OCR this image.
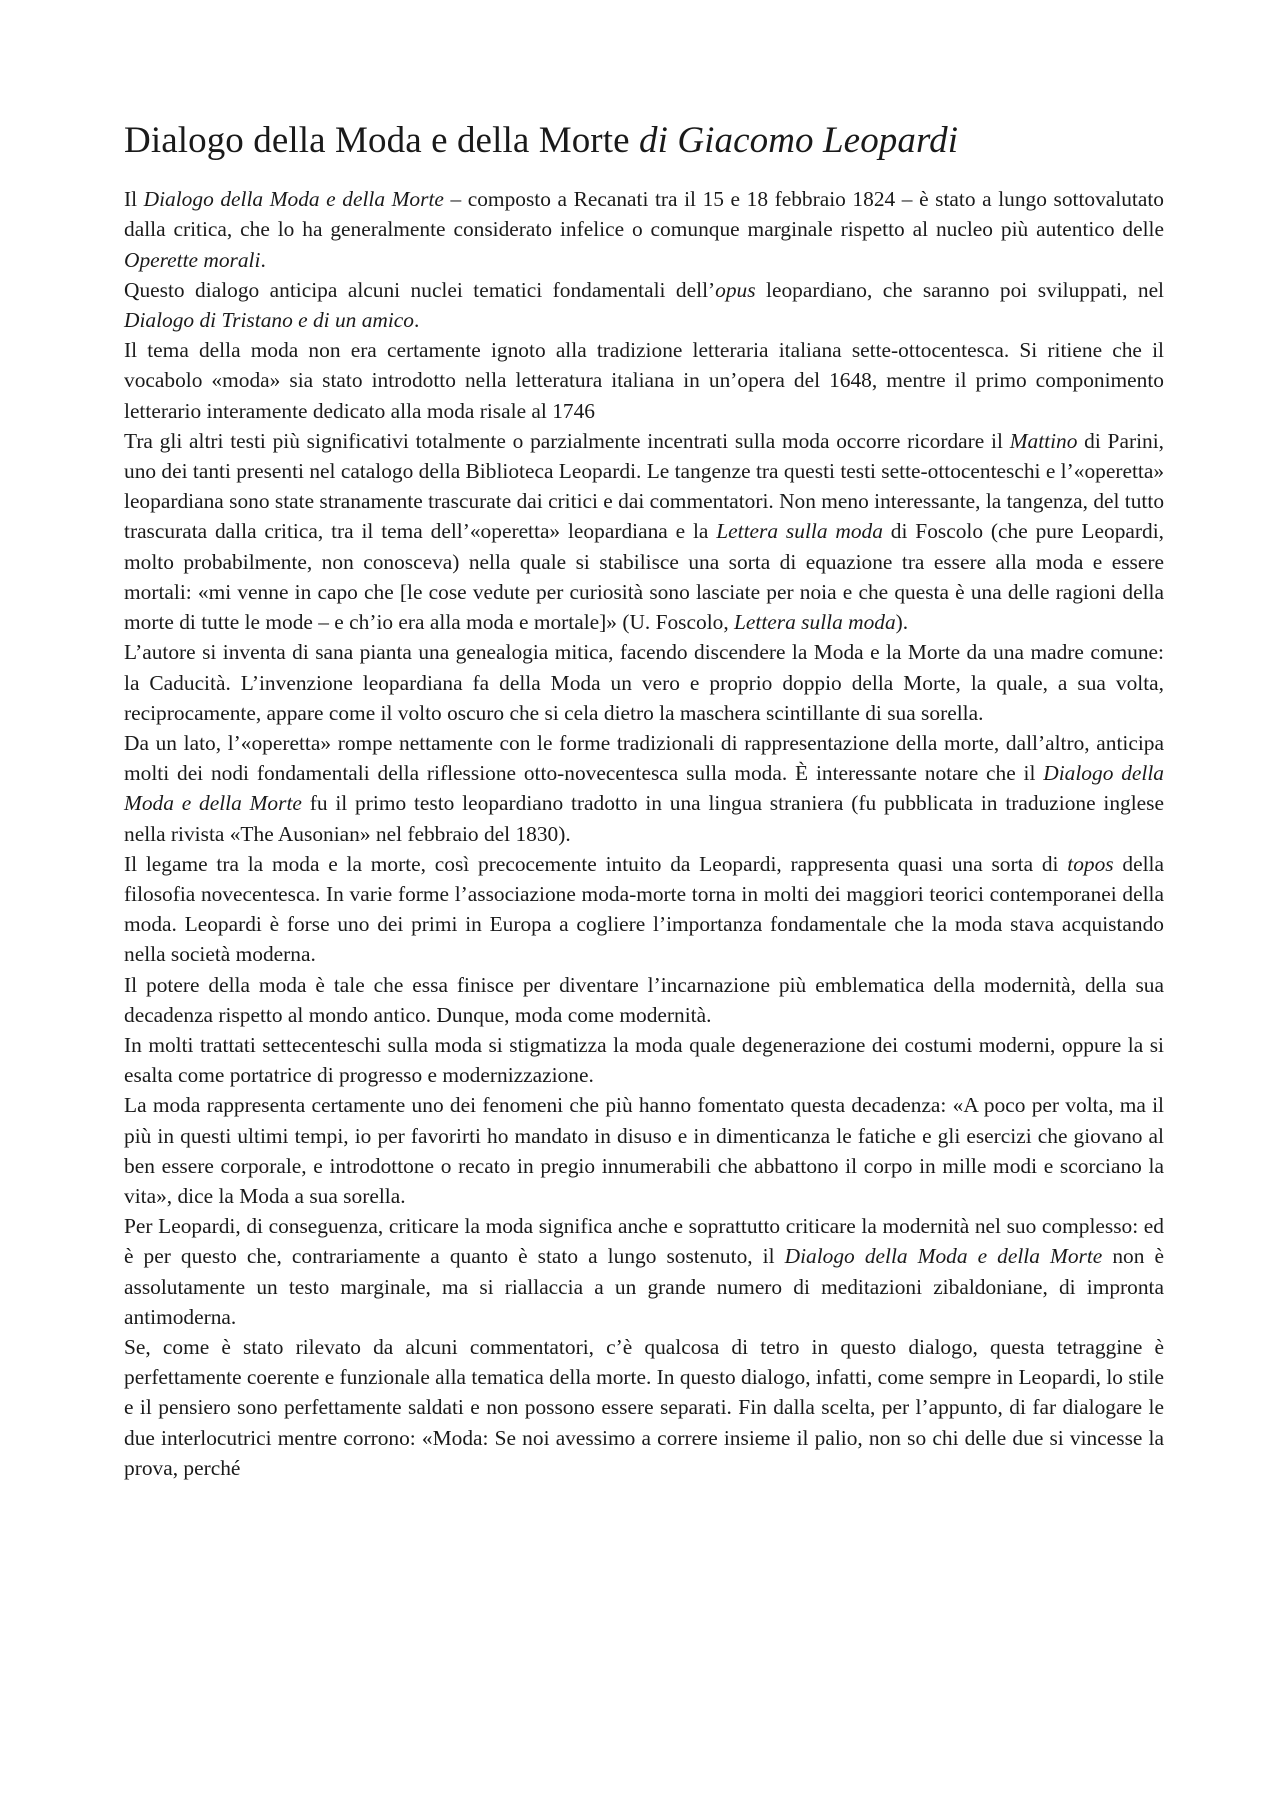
Dialogo della Moda e della Morte di Giacomo Leopardi

Il Dialogo della Moda e della Morte – composto a Recanati tra il 15 e 18 febbraio 1824 – è stato a lungo sottovalutato dalla critica, che lo ha generalmente considerato infelice o comunque marginale rispetto al nucleo più autentico delle Operette morali.

Questo dialogo anticipa alcuni nuclei tematici fondamentali dell’opus leopardiano, che saranno poi sviluppati, nel Dialogo di Tristano e di un amico.

Il tema della moda non era certamente ignoto alla tradizione letteraria italiana sette-ottocentesca. Si ritiene che il vocabolo «moda» sia stato introdotto nella letteratura italiana in un’opera del 1648, mentre il primo componimento letterario interamente dedicato alla moda risale al 1746

Tra gli altri testi più significativi totalmente o parzialmente incentrati sulla moda occorre ricordare il Mattino di Parini, uno dei tanti presenti nel catalogo della Biblioteca Leopardi. Le tangenze tra questi testi sette-ottocenteschi e l’«operetta» leopardiana sono state stranamente trascurate dai critici e dai commentatori. Non meno interessante, la tangenza, del tutto trascurata dalla critica, tra il tema dell’«operetta» leopardiana e la Lettera sulla moda di Foscolo (che pure Leopardi, molto probabilmente, non conosceva) nella quale si stabilisce una sorta di equazione tra essere alla moda e essere mortali: «mi venne in capo che [le cose vedute per curiosità sono lasciate per noia e che questa è una delle ragioni della morte di tutte le mode – e ch’io era alla moda e mortale]» (U. Foscolo, Lettera sulla moda).

L’autore si inventa di sana pianta una genealogia mitica, facendo discendere la Moda e la Morte da una madre comune: la Caducità. L’invenzione leopardiana fa della Moda un vero e proprio doppio della Morte, la quale, a sua volta, reciprocamente, appare come il volto oscuro che si cela dietro la maschera scintillante di sua sorella.

Da un lato, l’«operetta» rompe nettamente con le forme tradizionali di rappresentazione della morte, dall’altro, anticipa molti dei nodi fondamentali della riflessione otto-novecentesca sulla moda. È interessante notare che il Dialogo della Moda e della Morte fu il primo testo leopardiano tradotto in una lingua straniera (fu pubblicata in traduzione inglese nella rivista «The Ausonian» nel febbraio del 1830).

Il legame tra la moda e la morte, così precocemente intuito da Leopardi, rappresenta quasi una sorta di topos della filosofia novecentesca. In varie forme l’associazione moda-morte torna in molti dei maggiori teorici contemporanei della moda. Leopardi è forse uno dei primi in Europa a cogliere l’importanza fondamentale che la moda stava acquistando nella società moderna.

Il potere della moda è tale che essa finisce per diventare l’incarnazione più emblematica della modernità, della sua decadenza rispetto al mondo antico. Dunque, moda come modernità.

In molti trattati settecenteschi sulla moda si stigmatizza la moda quale degenerazione dei costumi moderni, oppure la si esalta come portatrice di progresso e modernizzazione.

La moda rappresenta certamente uno dei fenomeni che più hanno fomentato questa decadenza: «A poco per volta, ma il più in questi ultimi tempi, io per favorirti ho mandato in disuso e in dimenticanza le fatiche e gli esercizi che giovano al ben essere corporale, e introdottone o recato in pregio innumerabili che abbattono il corpo in mille modi e scorciano la vita», dice la Moda a sua sorella.

Per Leopardi, di conseguenza, criticare la moda significa anche e soprattutto criticare la modernità nel suo complesso: ed è per questo che, contrariamente a quanto è stato a lungo sostenuto, il Dialogo della Moda e della Morte non è assolutamente un testo marginale, ma si riallaccia a un grande numero di meditazioni zibaldoniane, di impronta antimoderna.

Se, come è stato rilevato da alcuni commentatori, c’è qualcosa di tetro in questo dialogo, questa tetraggine è perfettamente coerente e funzionale alla tematica della morte. In questo dialogo, infatti, come sempre in Leopardi, lo stile e il pensiero sono perfettamente saldati e non possono essere separati. Fin dalla scelta, per l’appunto, di far dialogare le due interlocutrici mentre corrono: «Moda: Se noi avessimo a correre insieme il palio, non so chi delle due si vincesse la prova, perché
